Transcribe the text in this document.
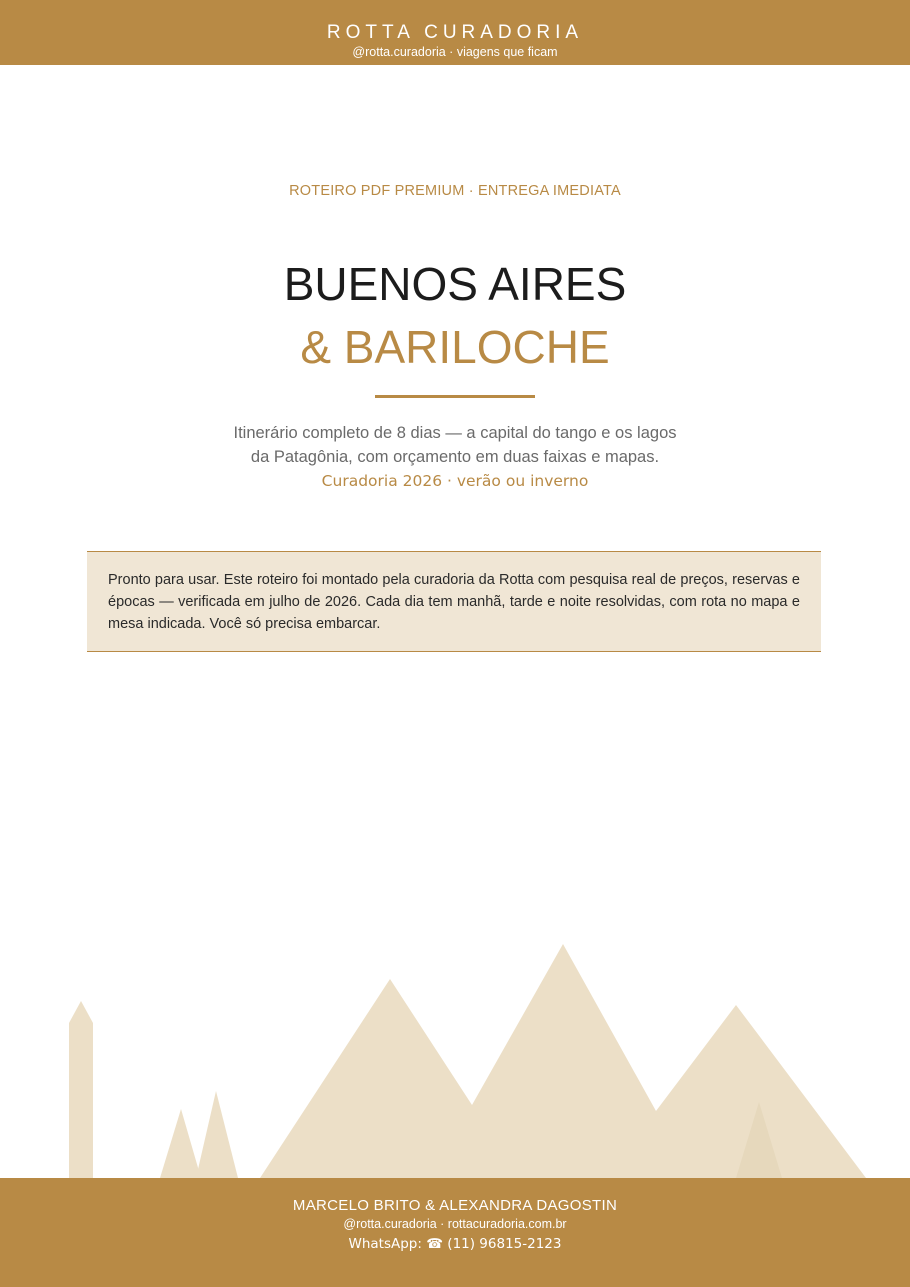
ROTTA CURADORIA
@rotta.curadoria · viagens que ficam
ROTEIRO PDF PREMIUM · ENTREGA IMEDIATA
BUENOS AIRES
& BARILOCHE
Itinerário completo de 8 dias — a capital do tango e os lagos
da Patagônia, com orçamento em duas faixas e mapas.
Curadoria 2026 · verão ou inverno
Pronto para usar. Este roteiro foi montado pela curadoria da Rotta com pesquisa real de preços, reservas e épocas — verificada em julho de 2026. Cada dia tem manhã, tarde e noite resolvidas, com rota no mapa e mesa indicada. Você só precisa embarcar.
MARCELO BRITO & ALEXANDRA DAGOSTIN
@rotta.curadoria · rottacuradoria.com.br
WhatsApp: ☎ (11) 96815-2123
